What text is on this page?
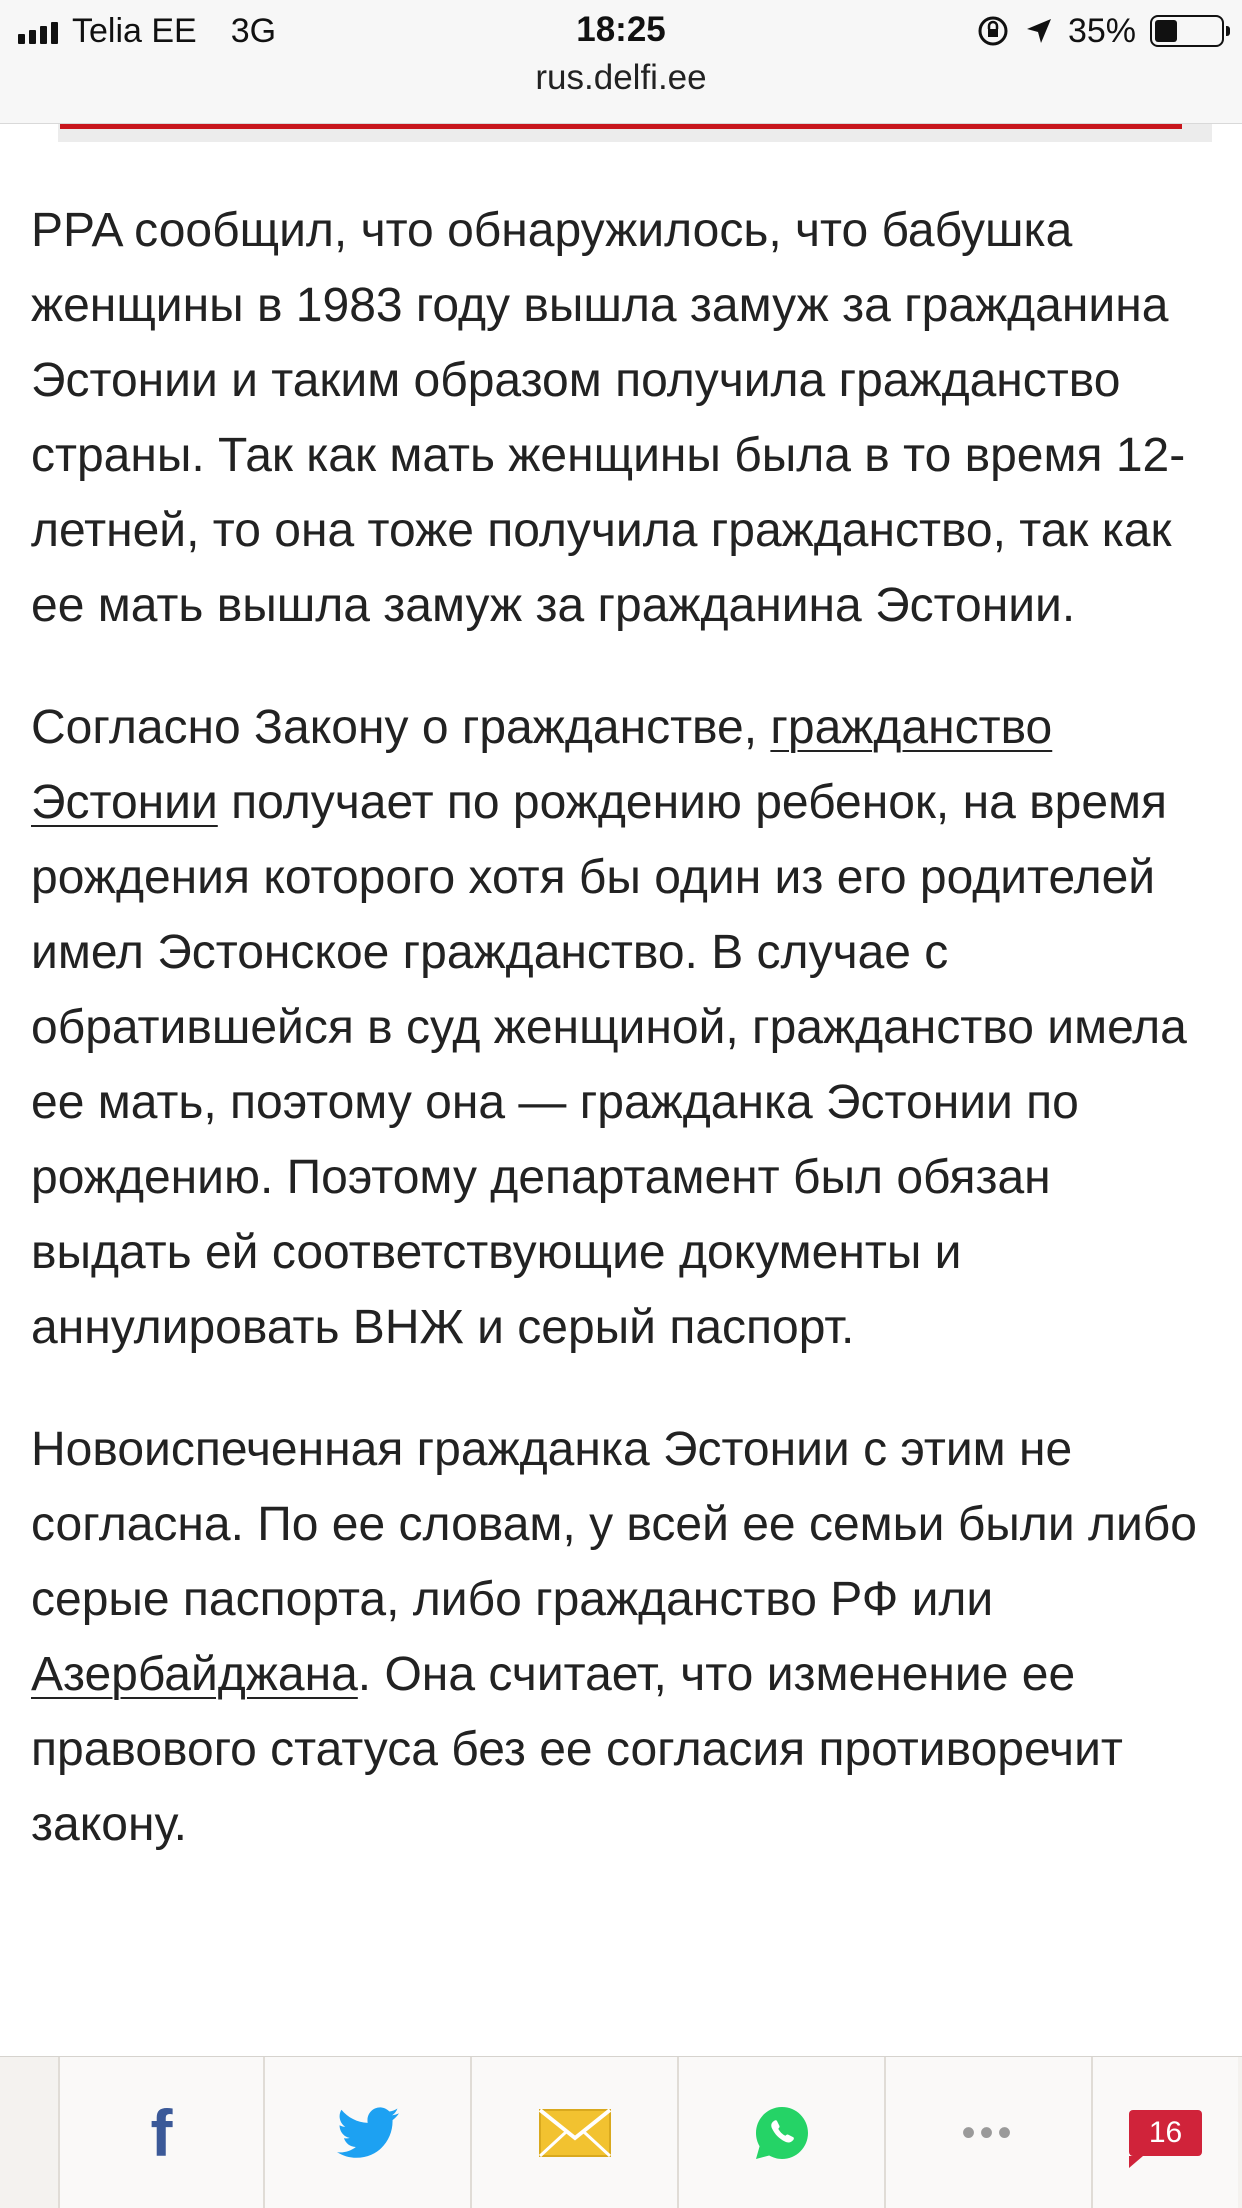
Telia EE 3G	18:25	35%
rus.delfi.ee

PPA сообщил, что обнаружилось, что бабушка женщины в 1983 году вышла замуж за гражданина Эстонии и таким образом получила гражданство страны. Так как мать женщины была в то время 12-летней, то она тоже получила гражданство, так как ее мать вышла замуж за гражданина Эстонии.

Согласно Закону о гражданстве, гражданство Эстонии получает по рождению ребенок, на время рождения которого хотя бы один из его родителей имел Эстонское гражданство. В случае с обратившейся в суд женщиной, гражданство имела ее мать, поэтому она — гражданка Эстонии по рождению. Поэтому департамент был обязан выдать ей соответствующие документы и аннулировать ВНЖ и серый паспорт.

Новоиспеченная гражданка Эстонии с этим не согласна. По ее словам, у всей ее семьи были либо серые паспорта, либо гражданство РФ или Азербайджана. Она считает, что изменение ее правового статуса без ее согласия противоречит закону.

f	•••	16
